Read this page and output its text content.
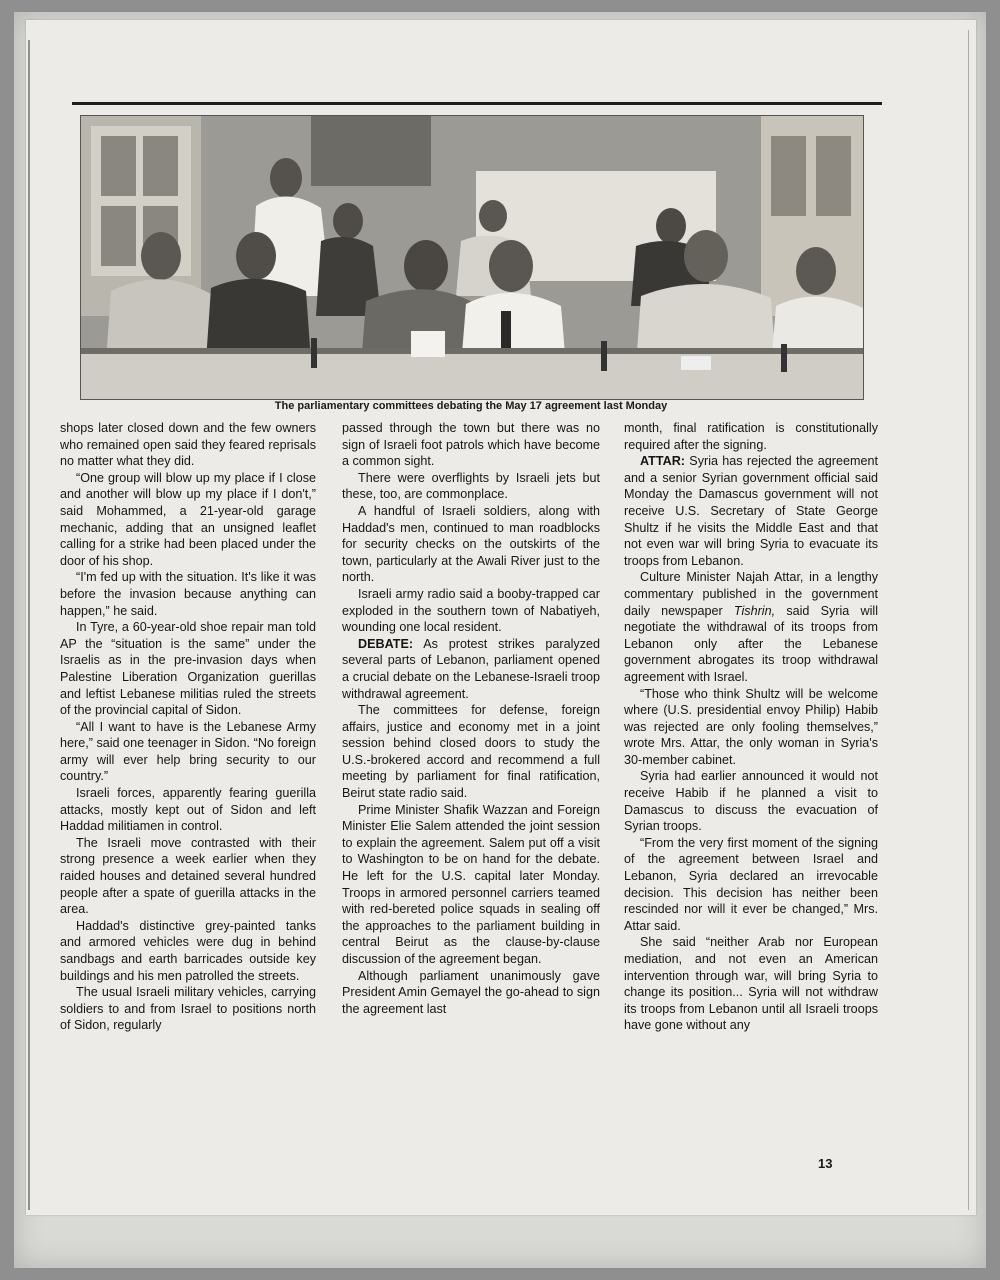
The parliamentary committees debating the May 17 agreement last Monday

shops later closed down and the few owners who remained open said they feared reprisals no matter what they did.

“One group will blow up my place if I close and another will blow up my place if I don't,” said Mohammed, a 21-year-old garage mechanic, adding that an unsigned leaflet calling for a strike had been placed under the door of his shop.

“I'm fed up with the situation. It's like it was before the invasion because anything can happen,” he said.

In Tyre, a 60-year-old shoe repair man told AP the “situation is the same” under the Israelis as in the pre-invasion days when Palestine Liberation Organization guerillas and leftist Lebanese militias ruled the streets of the provincial capital of Sidon.

“All I want to have is the Lebanese Army here,” said one teenager in Sidon. “No foreign army will ever help bring security to our country.”

Israeli forces, apparently fearing guerilla attacks, mostly kept out of Sidon and left Haddad militiamen in control.

The Israeli move contrasted with their strong presence a week earlier when they raided houses and detained several hundred people after a spate of guerilla attacks in the area.

Haddad's distinctive grey-painted tanks and armored vehicles were dug in behind sandbags and earth barricades outside key buildings and his men patrolled the streets.

The usual Israeli military vehicles, carrying soldiers to and from Israel to positions north of Sidon, regularly

passed through the town but there was no sign of Israeli foot patrols which have become a common sight.

There were overflights by Israeli jets but these, too, are commonplace.

A handful of Israeli soldiers, along with Haddad's men, continued to man roadblocks for security checks on the outskirts of the town, particularly at the Awali River just to the north.

Israeli army radio said a booby-trapped car exploded in the southern town of Nabatiyeh, wounding one local resident.

DEBATE: As protest strikes paralyzed several parts of Lebanon, parliament opened a crucial debate on the Lebanese-Israeli troop withdrawal agreement.

The committees for defense, foreign affairs, justice and economy met in a joint session behind closed doors to study the U.S.-brokered accord and recommend a full meeting by parliament for final ratification, Beirut state radio said.

Prime Minister Shafik Wazzan and Foreign Minister Elie Salem attended the joint session to explain the agreement. Salem put off a visit to Washington to be on hand for the debate. He left for the U.S. capital later Monday. Troops in armored personnel carriers teamed with red-bereted police squads in sealing off the approaches to the parliament building in central Beirut as the clause-by-clause discussion of the agreement began.

Although parliament unanimously gave President Amin Gemayel the go-ahead to sign the agreement last

month, final ratification is constitutionally required after the signing.

ATTAR: Syria has rejected the agreement and a senior Syrian government official said Monday the Damascus government will not receive U.S. Secretary of State George Shultz if he visits the Middle East and that not even war will bring Syria to evacuate its troops from Lebanon.

Culture Minister Najah Attar, in a lengthy commentary published in the government daily newspaper Tishrin, said Syria will negotiate the withdrawal of its troops from Lebanon only after the Lebanese government abrogates its troop withdrawal agreement with Israel.

“Those who think Shultz will be welcome where (U.S. presidential envoy Philip) Habib was rejected are only fooling themselves,” wrote Mrs. Attar, the only woman in Syria's 30-member cabinet.

Syria had earlier announced it would not receive Habib if he planned a visit to Damascus to discuss the evacuation of Syrian troops.

“From the very first moment of the signing of the agreement between Israel and Lebanon, Syria declared an irrevocable decision. This decision has neither been rescinded nor will it ever be changed,” Mrs. Attar said.

She said “neither Arab nor European mediation, and not even an American intervention through war, will bring Syria to change its position... Syria will not withdraw its troops from Lebanon until all Israeli troops have gone without any

13
